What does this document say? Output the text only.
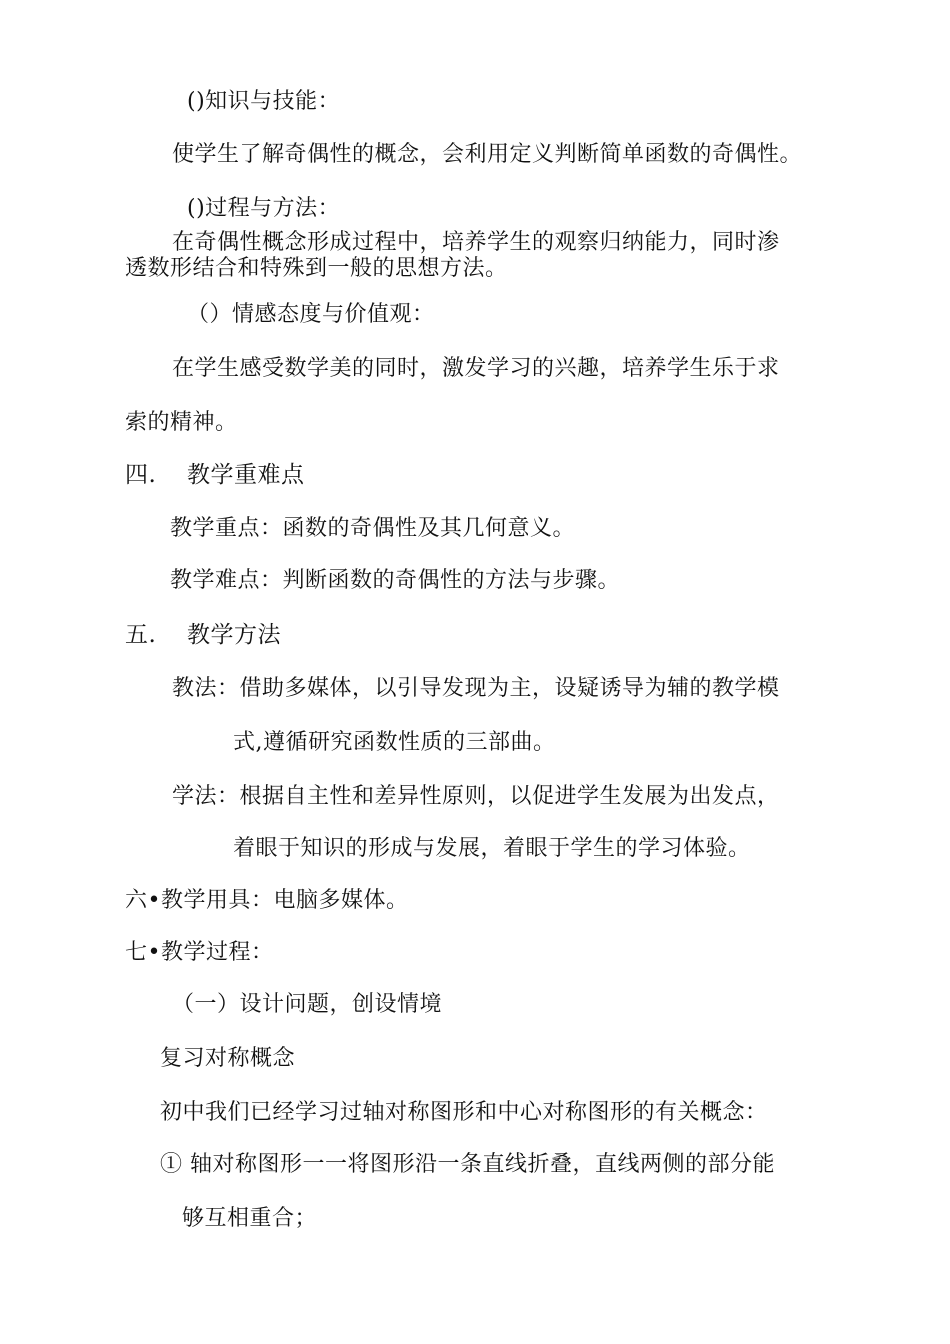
()知识与技能：
使学生了解奇偶性的概念，会利用定义判断简单函数的奇偶性。
()过程与方法：
在奇偶性概念形成过程中，培养学生的观察归纳能力，同时渗
透数形结合和特殊到一般的思想方法。
（）情感态度与价值观：
在学生感受数学美的同时，激发学习的兴趣，培养学生乐于求
索的精神。
四. 教学重难点
教学重点：函数的奇偶性及其几何意义。
教学难点：判断函数的奇偶性的方法与步骤。
五. 教学方法
教法：借助多媒体，以引导发现为主，设疑诱导为辅的教学模
式,遵循研究函数性质的三部曲。
学法：根据自主性和差异性原则，以促进学生发展为出发点，
着眼于知识的形成与发展，着眼于学生的学习体验。
六•教学用具：电脑多媒体。
七•教学过程：
（一）设计问题，创设情境
复习对称概念
初中我们已经学习过轴对称图形和中心对称图形的有关概念：
① 轴对称图形一一将图形沿一条直线折叠，直线两侧的部分能
够互相重合；
